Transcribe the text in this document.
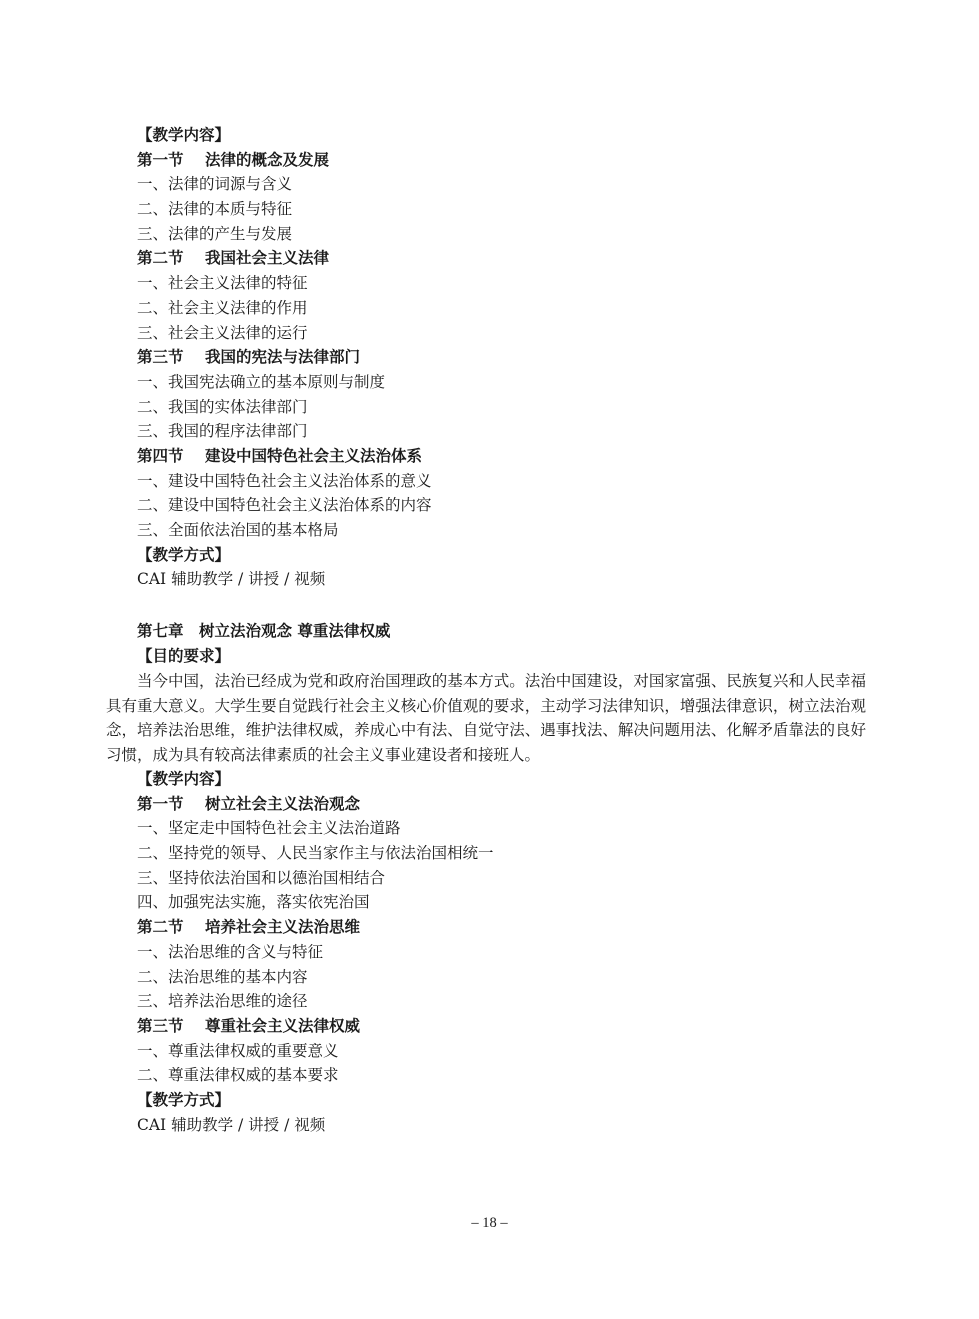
【教学内容】
第一节 法律的概念及发展
一、法律的词源与含义
二、法律的本质与特征
三、法律的产生与发展
第二节 我国社会主义法律
一、社会主义法律的特征
二、社会主义法律的作用
三、社会主义法律的运行
第三节 我国的宪法与法律部门
一、我国宪法确立的基本原则与制度
二、我国的实体法律部门
三、我国的程序法律部门
第四节 建设中国特色社会主义法治体系
一、建设中国特色社会主义法治体系的意义
二、建设中国特色社会主义法治体系的内容
三、全面依法治国的基本格局
【教学方式】
CAI 辅助教学 / 讲授 / 视频
第七章　树立法治观念 尊重法律权威
【目的要求】
当今中国，法治已经成为党和政府治国理政的基本方式。法治中国建设，对国家富强、民族复兴和人民幸福具有重大意义。大学生要自觉践行社会主义核心价值观的要求，主动学习法律知识，增强法律意识，树立法治观念，培养法治思维，维护法律权威，养成心中有法、自觉守法、遇事找法、解决问题用法、化解矛盾靠法的良好习惯，成为具有较高法律素质的社会主义事业建设者和接班人。
【教学内容】
第一节 树立社会主义法治观念
一、坚定走中国特色社会主义法治道路
二、坚持党的领导、人民当家作主与依法治国相统一
三、坚持依法治国和以德治国相结合
四、加强宪法实施，落实依宪治国
第二节 培养社会主义法治思维
一、法治思维的含义与特征
二、法治思维的基本内容
三、培养法治思维的途径
第三节 尊重社会主义法律权威
一、尊重法律权威的重要意义
二、尊重法律权威的基本要求
【教学方式】
CAI 辅助教学 / 讲授 / 视频
– 18 –
